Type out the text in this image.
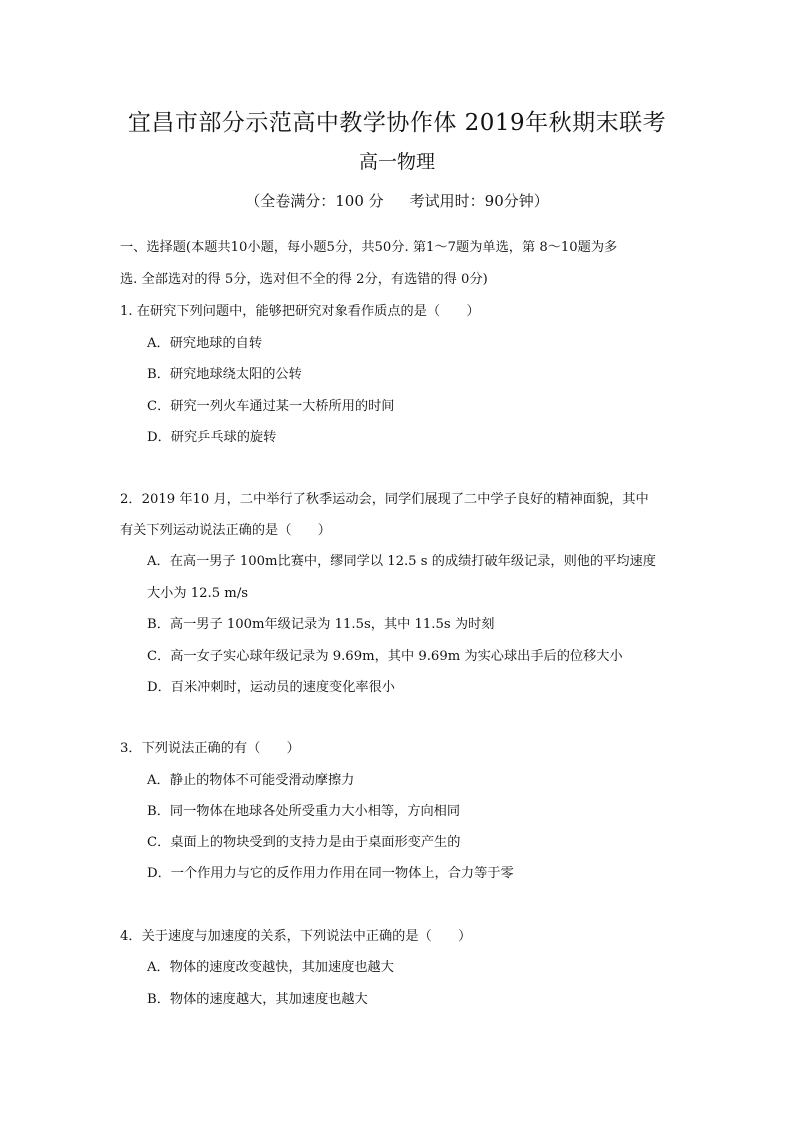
宜昌市部分示范高中教学协作体 2019年秋期末联考
高一物理
（全卷满分：100 分 考试用时：90分钟）
一、选择题(本题共10小题，每小题5分，共50分. 第1～7题为单选，第 8～10题为多
选. 全部选对的得 5分，选对但不全的得 2分，有选错的得 0分)
1. 在研究下列问题中，能够把研究对象看作质点的是（　　）
A．研究地球的自转
B．研究地球绕太阳的公转
C．研究一列火车通过某一大桥所用的时间
D．研究乒乓球的旋转
2．2019 年10 月，二中举行了秋季运动会，同学们展现了二中学子良好的精神面貌，其中
有关下列运动说法正确的是（　　）
A．在高一男子 100m比赛中，缪同学以 12.5 s 的成绩打破年级记录，则他的平均速度
大小为 12.5 m/s
B．高一男子 100m年级记录为 11.5s，其中 11.5s 为时刻
C．高一女子实心球年级记录为 9.69m，其中 9.69m 为实心球出手后的位移大小
D．百米冲刺时，运动员的速度变化率很小
3．下列说法正确的有（　　）
A．静止的物体不可能受滑动摩擦力
B．同一物体在地球各处所受重力大小相等，方向相同
C．桌面上的物块受到的支持力是由于桌面形变产生的
D．一个作用力与它的反作用力作用在同一物体上，合力等于零
4．关于速度与加速度的关系，下列说法中正确的是（　　）
A．物体的速度改变越快，其加速度也越大
B．物体的速度越大，其加速度也越大
